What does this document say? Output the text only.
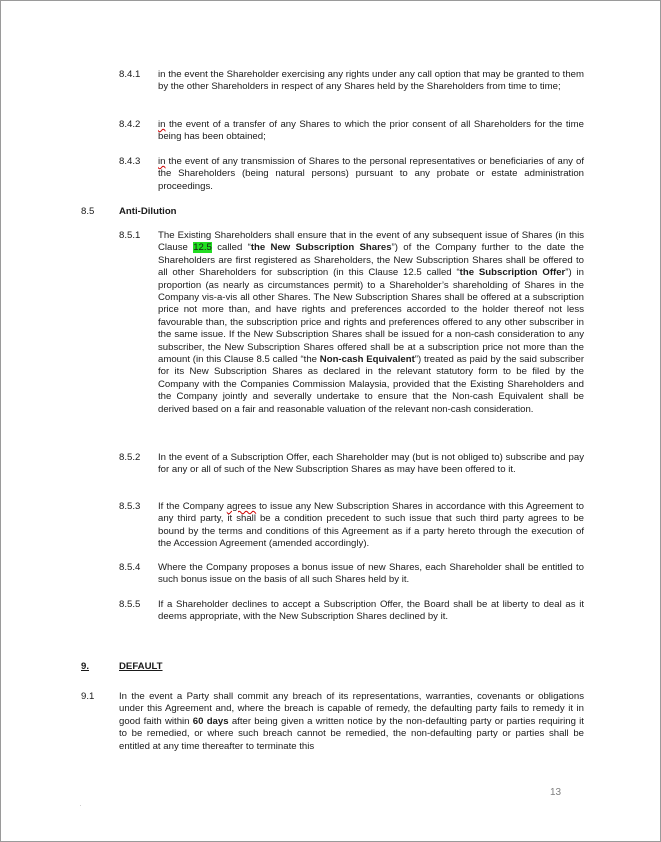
8.4.1 in the event the Shareholder exercising any rights under any call option that may be granted to them by the other Shareholders in respect of any Shares held by the Shareholders from time to time;
8.4.2 in the event of a transfer of any Shares to which the prior consent of all Shareholders for the time being has been obtained;
8.4.3 in the event of any transmission of Shares to the personal representatives or beneficiaries of any of the Shareholders (being natural persons) pursuant to any probate or estate administration proceedings.
8.5	Anti-Dilution
8.5.1 The Existing Shareholders shall ensure that in the event of any subsequent issue of Shares (in this Clause 12.5 called “the New Subscription Shares”) of the Company further to the date the Shareholders are first registered as Shareholders, the New Subscription Shares shall be offered to all other Shareholders for subscription (in this Clause 12.5 called “the Subscription Offer”) in proportion (as nearly as circumstances permit) to a Shareholder’s shareholding of Shares in the Company vis-a-vis all other Shares. The New Subscription Shares shall be offered at a subscription price not more than, and have rights and preferences accorded to the holder thereof not less favourable than, the subscription price and rights and preferences offered to any other subscriber in the same issue. If the New Subscription Shares shall be issued for a non-cash consideration to any subscriber, the New Subscription Shares offered shall be at a subscription price not more than the amount (in this Clause 8.5 called “the Non-cash Equivalent”) treated as paid by the said subscriber for its New Subscription Shares as declared in the relevant statutory form to be filed by the Company with the Companies Commission Malaysia, provided that the Existing Shareholders and the Company jointly and severally undertake to ensure that the Non-cash Equivalent shall be derived based on a fair and reasonable valuation of the relevant non-cash consideration.
8.5.2 In the event of a Subscription Offer, each Shareholder may (but is not obliged to) subscribe and pay for any or all of such of the New Subscription Shares as may have been offered to it.
8.5.3 If the Company agrees to issue any New Subscription Shares in accordance with this Agreement to any third party, it shall be a condition precedent to such issue that such third party agrees to be bound by the terms and conditions of this Agreement as if a party hereto through the execution of the Accession Agreement (amended accordingly).
8.5.4 Where the Company proposes a bonus issue of new Shares, each Shareholder shall be entitled to such bonus issue on the basis of all such Shares held by it.
8.5.5 If a Shareholder declines to accept a Subscription Offer, the Board shall be at liberty to deal as it deems appropriate, with the New Subscription Shares declined by it.
9.	DEFAULT
9.1	In the event a Party shall commit any breach of its representations, warranties, covenants or obligations under this Agreement and, where the breach is capable of remedy, the defaulting party fails to remedy it in good faith within 60 days after being given a written notice by the non-defaulting party or parties requiring it to be remedied, or where such breach cannot be remedied, the non-defaulting party or parties shall be entitled at any time thereafter to terminate this
13
